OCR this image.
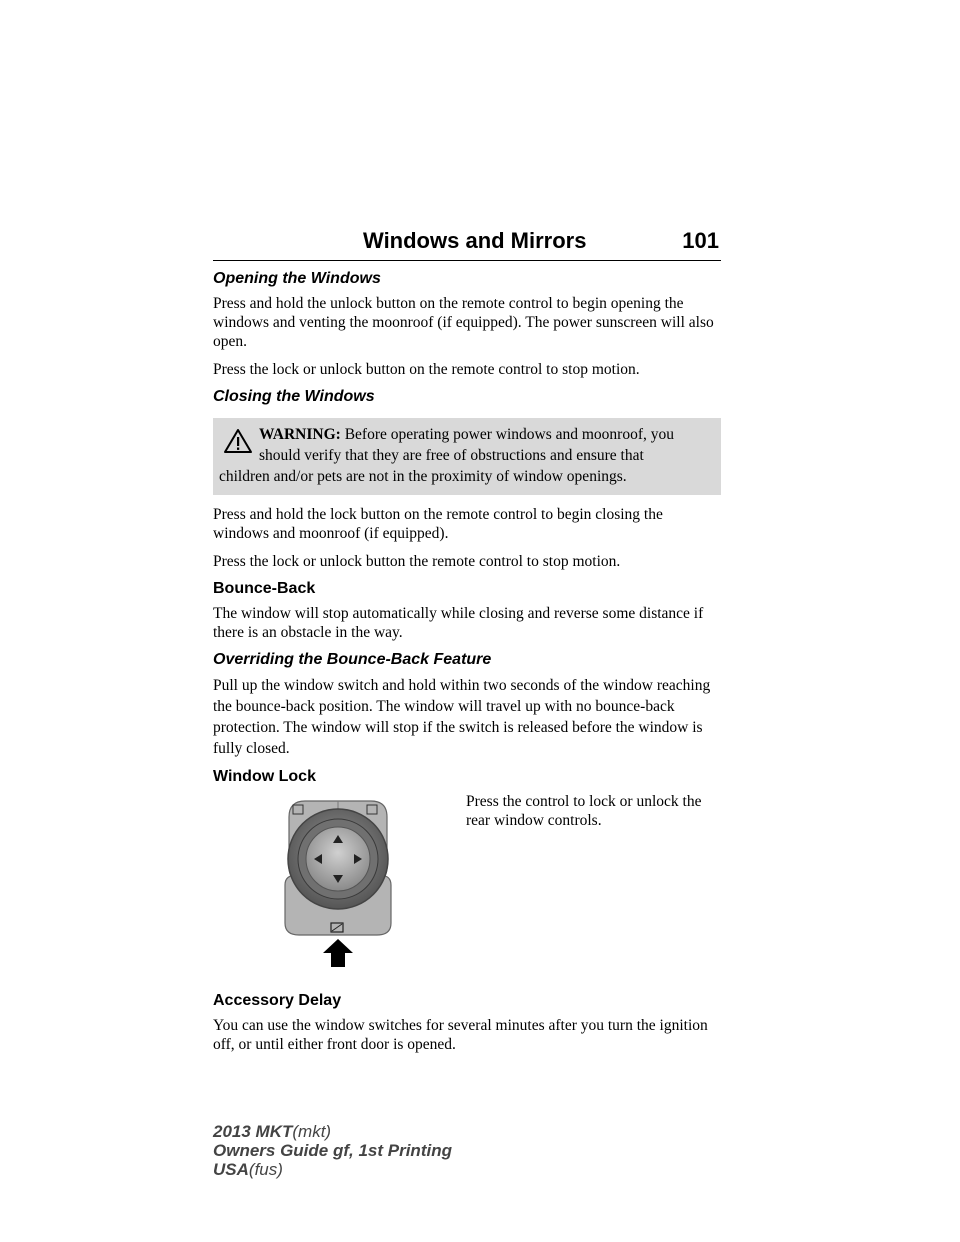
Windows and Mirrors	101
Opening the Windows

Press and hold the unlock button on the remote control to begin opening the windows and venting the moonroof (if equipped). The power sunscreen will also open.

Press the lock or unlock button on the remote control to stop motion.

Closing the Windows
WARNING: Before operating power windows and moonroof, you
should verify that they are free of obstructions and ensure that
children and/or pets are not in the proximity of window openings.

Press and hold the lock button on the remote control to begin closing the windows and moonroof (if equipped).

Press the lock or unlock button the remote control to stop motion.

Bounce-Back

The window will stop automatically while closing and reverse some distance if there is an obstacle in the way.

Overriding the Bounce-Back Feature

Pull up the window switch and hold within two seconds of the window reaching the bounce-back position. The window will travel up with no bounce-back protection. The window will stop if the switch is released before the window is fully closed.

Window Lock
Press the control to lock or unlock the rear window controls.
Accessory Delay

You can use the window switches for several minutes after you turn the ignition off, or until either front door is opened.

2013 MKT(mkt)
Owners Guide gf, 1st Printing
USA(fus)
